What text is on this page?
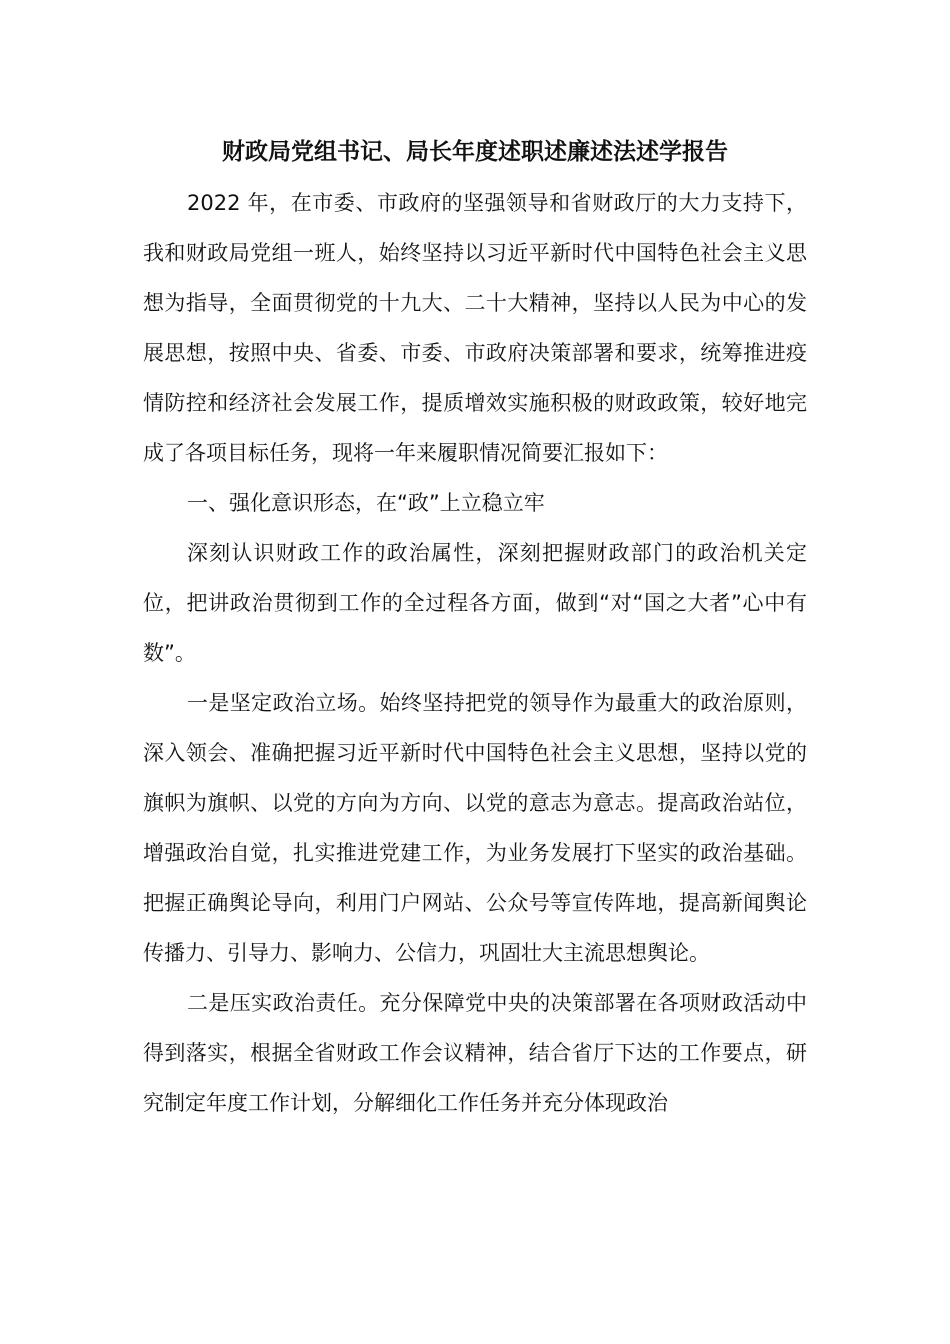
财政局党组书记、局长年度述职述廉述法述学报告

2022 年，在市委、市政府的坚强领导和省财政厅的大力支持下，我和财政局党组一班人，始终坚持以习近平新时代中国特色社会主义思想为指导，全面贯彻党的十九大、二十大精神，坚持以人民为中心的发展思想，按照中央、省委、市委、市政府决策部署和要求，统筹推进疫情防控和经济社会发展工作，提质增效实施积极的财政政策，较好地完成了各项目标任务，现将一年来履职情况简要汇报如下：

一、强化意识形态，在“政”上立稳立牢

深刻认识财政工作的政治属性，深刻把握财政部门的政治机关定位，把讲政治贯彻到工作的全过程各方面，做到“对“国之大者”心中有数”。

一是坚定政治立场。始终坚持把党的领导作为最重大的政治原则，深入领会、准确把握习近平新时代中国特色社会主义思想，坚持以党的旗帜为旗帜、以党的方向为方向、以党的意志为意志。提高政治站位，增强政治自觉，扎实推进党建工作，为业务发展打下坚实的政治基础。把握正确舆论导向，利用门户网站、公众号等宣传阵地，提高新闻舆论传播力、引导力、影响力、公信力，巩固壮大主流思想舆论。

二是压实政治责任。充分保障党中央的决策部署在各项财政活动中得到落实，根据全省财政工作会议精神，结合省厅下达的工作要点，研究制定年度工作计划，分解细化工作任务并充分体现政治
